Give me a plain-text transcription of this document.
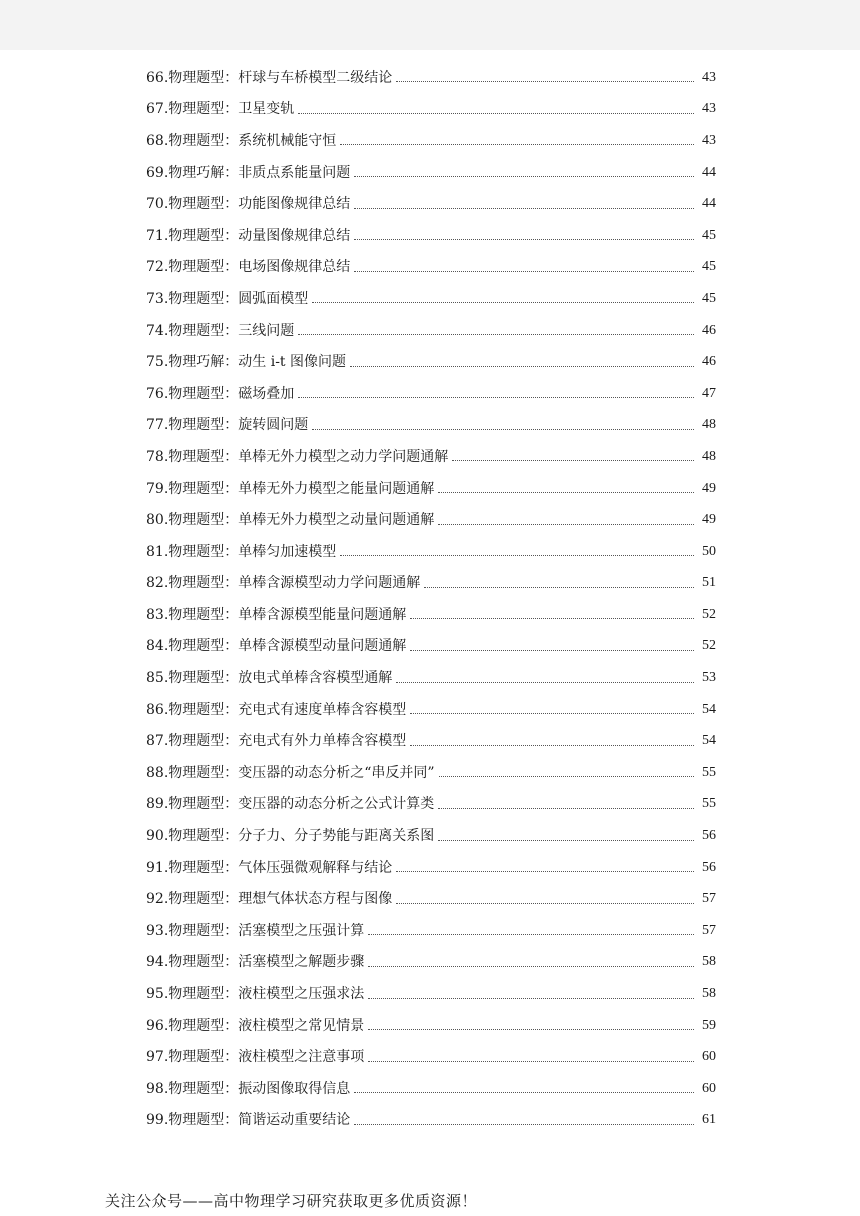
66. 物理题型：杆球与车桥模型二级结论	43
67. 物理题型：卫星变轨	43
68. 物理题型：系统机械能守恒	43
69. 物理巧解：非质点系能量问题	44
70. 物理题型：功能图像规律总结	44
71. 物理题型：动量图像规律总结	45
72. 物理题型：电场图像规律总结	45
73. 物理题型：圆弧面模型	45
74. 物理题型：三线问题	46
75. 物理巧解：动生 i-t 图像问题	46
76. 物理题型：磁场叠加	47
77. 物理题型：旋转圆问题	48
78. 物理题型：单棒无外力模型之动力学问题通解	48
79. 物理题型：单棒无外力模型之能量问题通解	49
80. 物理题型：单棒无外力模型之动量问题通解	49
81. 物理题型：单棒匀加速模型	50
82. 物理题型：单棒含源模型动力学问题通解	51
83. 物理题型：单棒含源模型能量问题通解	52
84. 物理题型：单棒含源模型动量问题通解	52
85. 物理题型：放电式单棒含容模型通解	53
86. 物理题型：充电式有速度单棒含容模型	54
87. 物理题型：充电式有外力单棒含容模型	54
88. 物理题型：变压器的动态分析之“串反并同”	55
89. 物理题型：变压器的动态分析之公式计算类	55
90. 物理题型：分子力、分子势能与距离关系图	56
91. 物理题型：气体压强微观解释与结论	56
92. 物理题型：理想气体状态方程与图像	57
93. 物理题型：活塞模型之压强计算	57
94. 物理题型：活塞模型之解题步骤	58
95. 物理题型：液柱模型之压强求法	58
96. 物理题型：液柱模型之常见情景	59
97. 物理题型：液柱模型之注意事项	60
98. 物理题型：振动图像取得信息	60
99. 物理题型：简谐运动重要结论	61
关注公众号——高中物理学习研究获取更多优质资源！
